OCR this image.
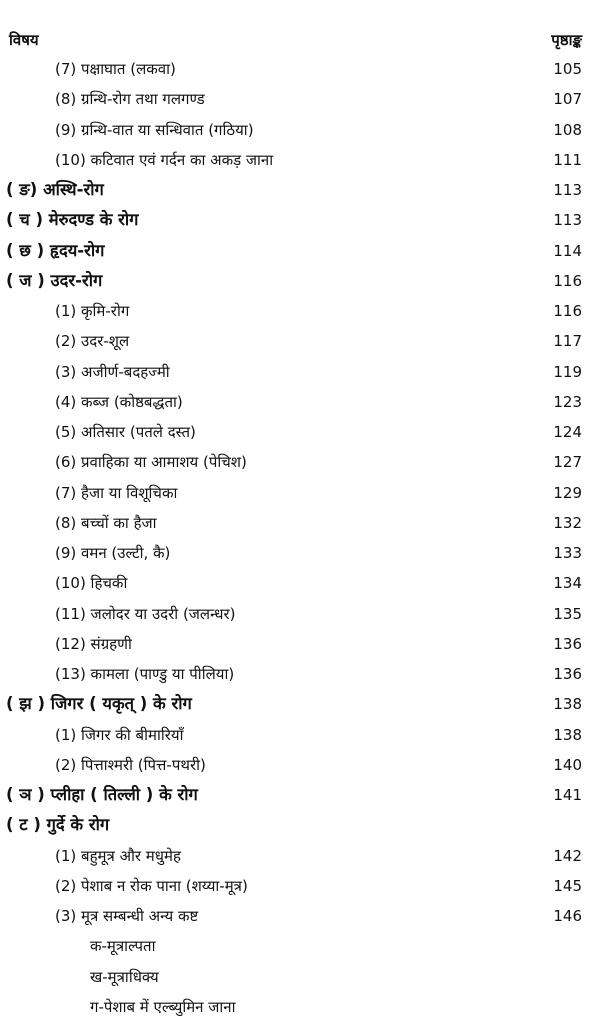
विषय	पृष्ठाङ्क
(7) पक्षाघात (लकवा)	105
(8) ग्रन्थि-रोग तथा गलगण्ड	107
(9) ग्रन्थि-वात या सन्धिवात (गठिया)	108
(10) कटिवात एवं गर्दन का अकड़ जाना	111
( ङ) अस्थि-रोग	113
( च ) मेरुदण्ड के रोग	113
( छ ) हृदय-रोग	114
( ज ) उदर-रोग	116
(1) कृमि-रोग	116
(2) उदर-शूल	117
(3) अजीर्ण-बदहज्मी	119
(4) कब्ज (कोष्ठबद्धता)	123
(5) अतिसार (पतले दस्त)	124
(6) प्रवाहिका या आमाशय (पेचिश)	127
(7) हैजा या विशूचिका	129
(8) बच्चों का हैजा	132
(9) वमन (उल्टी, कै)	133
(10) हिचकी	134
(11) जलोदर या उदरी (जलन्धर)	135
(12) संग्रहणी	136
(13) कामला (पाण्डु या पीलिया)	136
( झ ) जिगर ( यकृत् ) के रोग	138
(1) जिगर की बीमारियाँ	138
(2) पित्ताश्मरी (पित्त-पथरी)	140
( ञ ) प्लीहा ( तिल्ली ) के रोग	141
( ट ) गुर्दे के रोग
(1) बहुमूत्र और मधुमेह	142
(2) पेशाब न रोक पाना (शय्या-मूत्र)	145
(3) मूत्र सम्बन्धी अन्य कष्ट	146
क-मूत्राल्पता
ख-मूत्राधिक्य
ग-पेशाब में एल्ब्युमिन जाना
